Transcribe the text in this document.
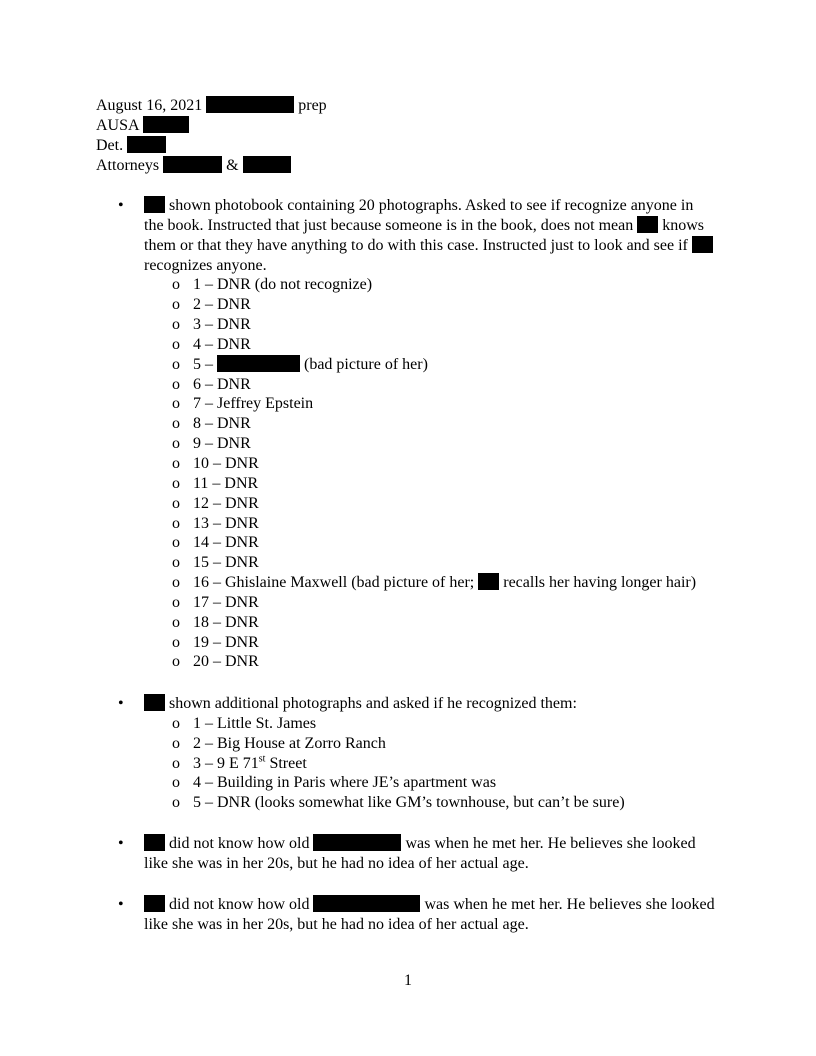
August 16, 2021	prep
AUSA
Det.
Attorneys	&
•	shown photobook containing 20 photographs. Asked to see if recognize anyone in
the book. Instructed that just because someone is in the book, does not mean knows
them or that they have anything to do with this case. Instructed just to look and see if
recognizes anyone.
o 1 – DNR (do not recognize)
o 2 – DNR
o 3 – DNR
o 4 – DNR
o 5 –	(bad picture of her)
o 6 – DNR
o 7 – Jeffrey Epstein
o 8 – DNR
o 9 – DNR
o 10 – DNR
o 11 – DNR
o 12 – DNR
o 13 – DNR
o 14 – DNR
o 15 – DNR
o 16 – Ghislaine Maxwell (bad picture of her; recalls her having longer hair)
o 17 – DNR
o 18 – DNR
o 19 – DNR
o 20 – DNR
•	shown additional photographs and asked if he recognized them:
o 1 – Little St. James
o 2 – Big House at Zorro Ranch
o 3 – 9 E 71st Street
o 4 – Building in Paris where JE’s apartment was
o 5 – DNR (looks somewhat like GM’s townhouse, but can’t be sure)
•	did not know how old	was when he met her. He believes she looked
like she was in her 20s, but he had no idea of her actual age.
•	did not know how old	was when he met her. He believes she looked
like she was in her 20s, but he had no idea of her actual age.
1
